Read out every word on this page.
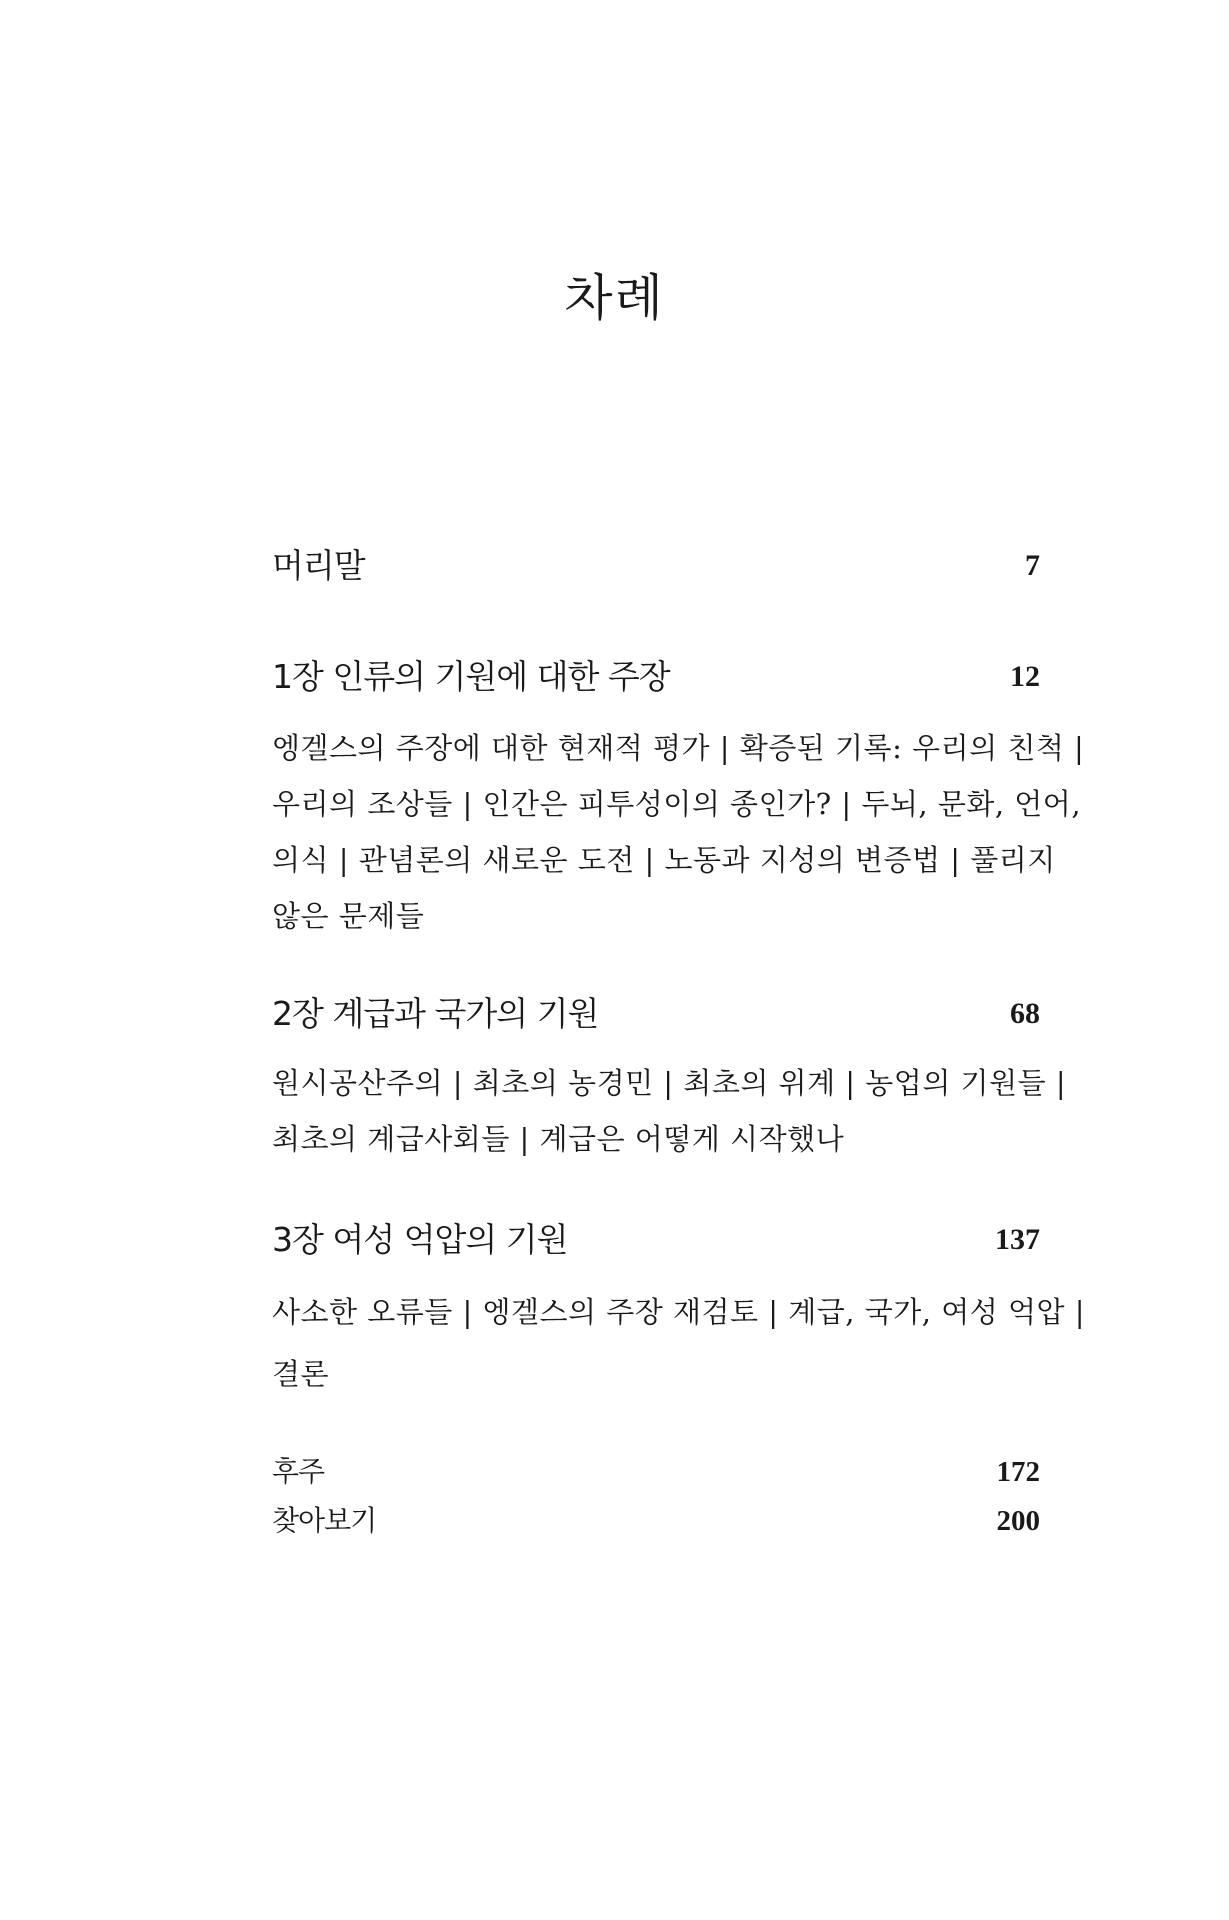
차례
머리말	7
1장 인류의 기원에 대한 주장	12

엥겔스의 주장에 대한 현재적 평가 | 확증된 기록: 우리의 친척 | 우리의 조상들 | 인간은 피투성이의 종인가? | 두뇌, 문화, 언어, 의식 | 관념론의 새로운 도전 | 노동과 지성의 변증법 | 풀리지 않은 문제들

2장 계급과 국가의 기원	68

원시공산주의 | 최초의 농경민 | 최초의 위계 | 농업의 기원들 | 최초의 계급사회들 | 계급은 어떻게 시작했나

3장 여성 억압의 기원	137

사소한 오류들 | 엥겔스의 주장 재검토 | 계급, 국가, 여성 억압 | 결론

후주	172
찾아보기	200
